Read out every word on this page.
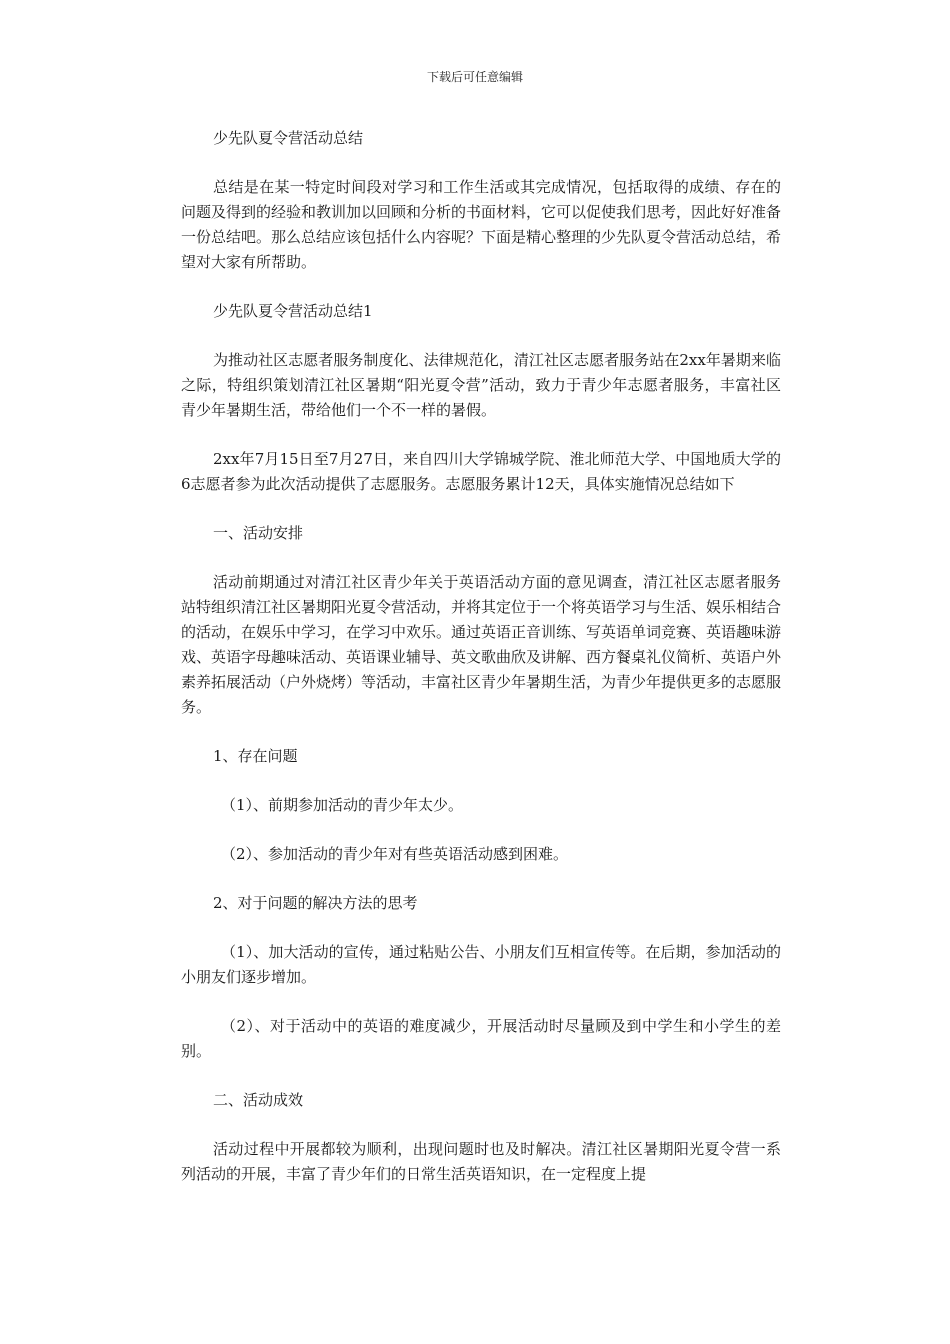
下载后可任意编辑

少先队夏令营活动总结

总结是在某一特定时间段对学习和工作生活或其完成情况，包括取得的成绩、存在的问题及得到的经验和教训加以回顾和分析的书面材料，它可以促使我们思考，因此好好准备一份总结吧。那么总结应该包括什么内容呢？下面是精心整理的少先队夏令营活动总结，希望对大家有所帮助。

少先队夏令营活动总结1

为推动社区志愿者服务制度化、法律规范化，清江社区志愿者服务站在2xx年暑期来临之际，特组织策划清江社区暑期“阳光夏令营”活动，致力于青少年志愿者服务，丰富社区青少年暑期生活，带给他们一个不一样的暑假。

2xx年7月15日至7月27日，来自四川大学锦城学院、淮北师范大学、中国地质大学的6志愿者参为此次活动提供了志愿服务。志愿服务累计12天，具体实施情况总结如下

一、活动安排

活动前期通过对清江社区青少年关于英语活动方面的意见调查，清江社区志愿者服务站特组织清江社区暑期阳光夏令营活动，并将其定位于一个将英语学习与生活、娱乐相结合的活动，在娱乐中学习，在学习中欢乐。通过英语正音训练、写英语单词竞赛、英语趣味游戏、英语字母趣味活动、英语课业辅导、英文歌曲欣及讲解、西方餐桌礼仪简析、英语户外素养拓展活动（户外烧烤）等活动，丰富社区青少年暑期生活，为青少年提供更多的志愿服务。

1、存在问题

（1）、前期参加活动的青少年太少。

（2）、参加活动的青少年对有些英语活动感到困难。

2、对于问题的解决方法的思考

（1）、加大活动的宣传，通过粘贴公告、小朋友们互相宣传等。在后期，参加活动的小朋友们逐步增加。

（2）、对于活动中的英语的难度减少，开展活动时尽量顾及到中学生和小学生的差别。

二、活动成效

活动过程中开展都较为顺利，出现问题时也及时解决。清江社区暑期阳光夏令营一系列活动的开展，丰富了青少年们的日常生活英语知识，在一定程度上提
